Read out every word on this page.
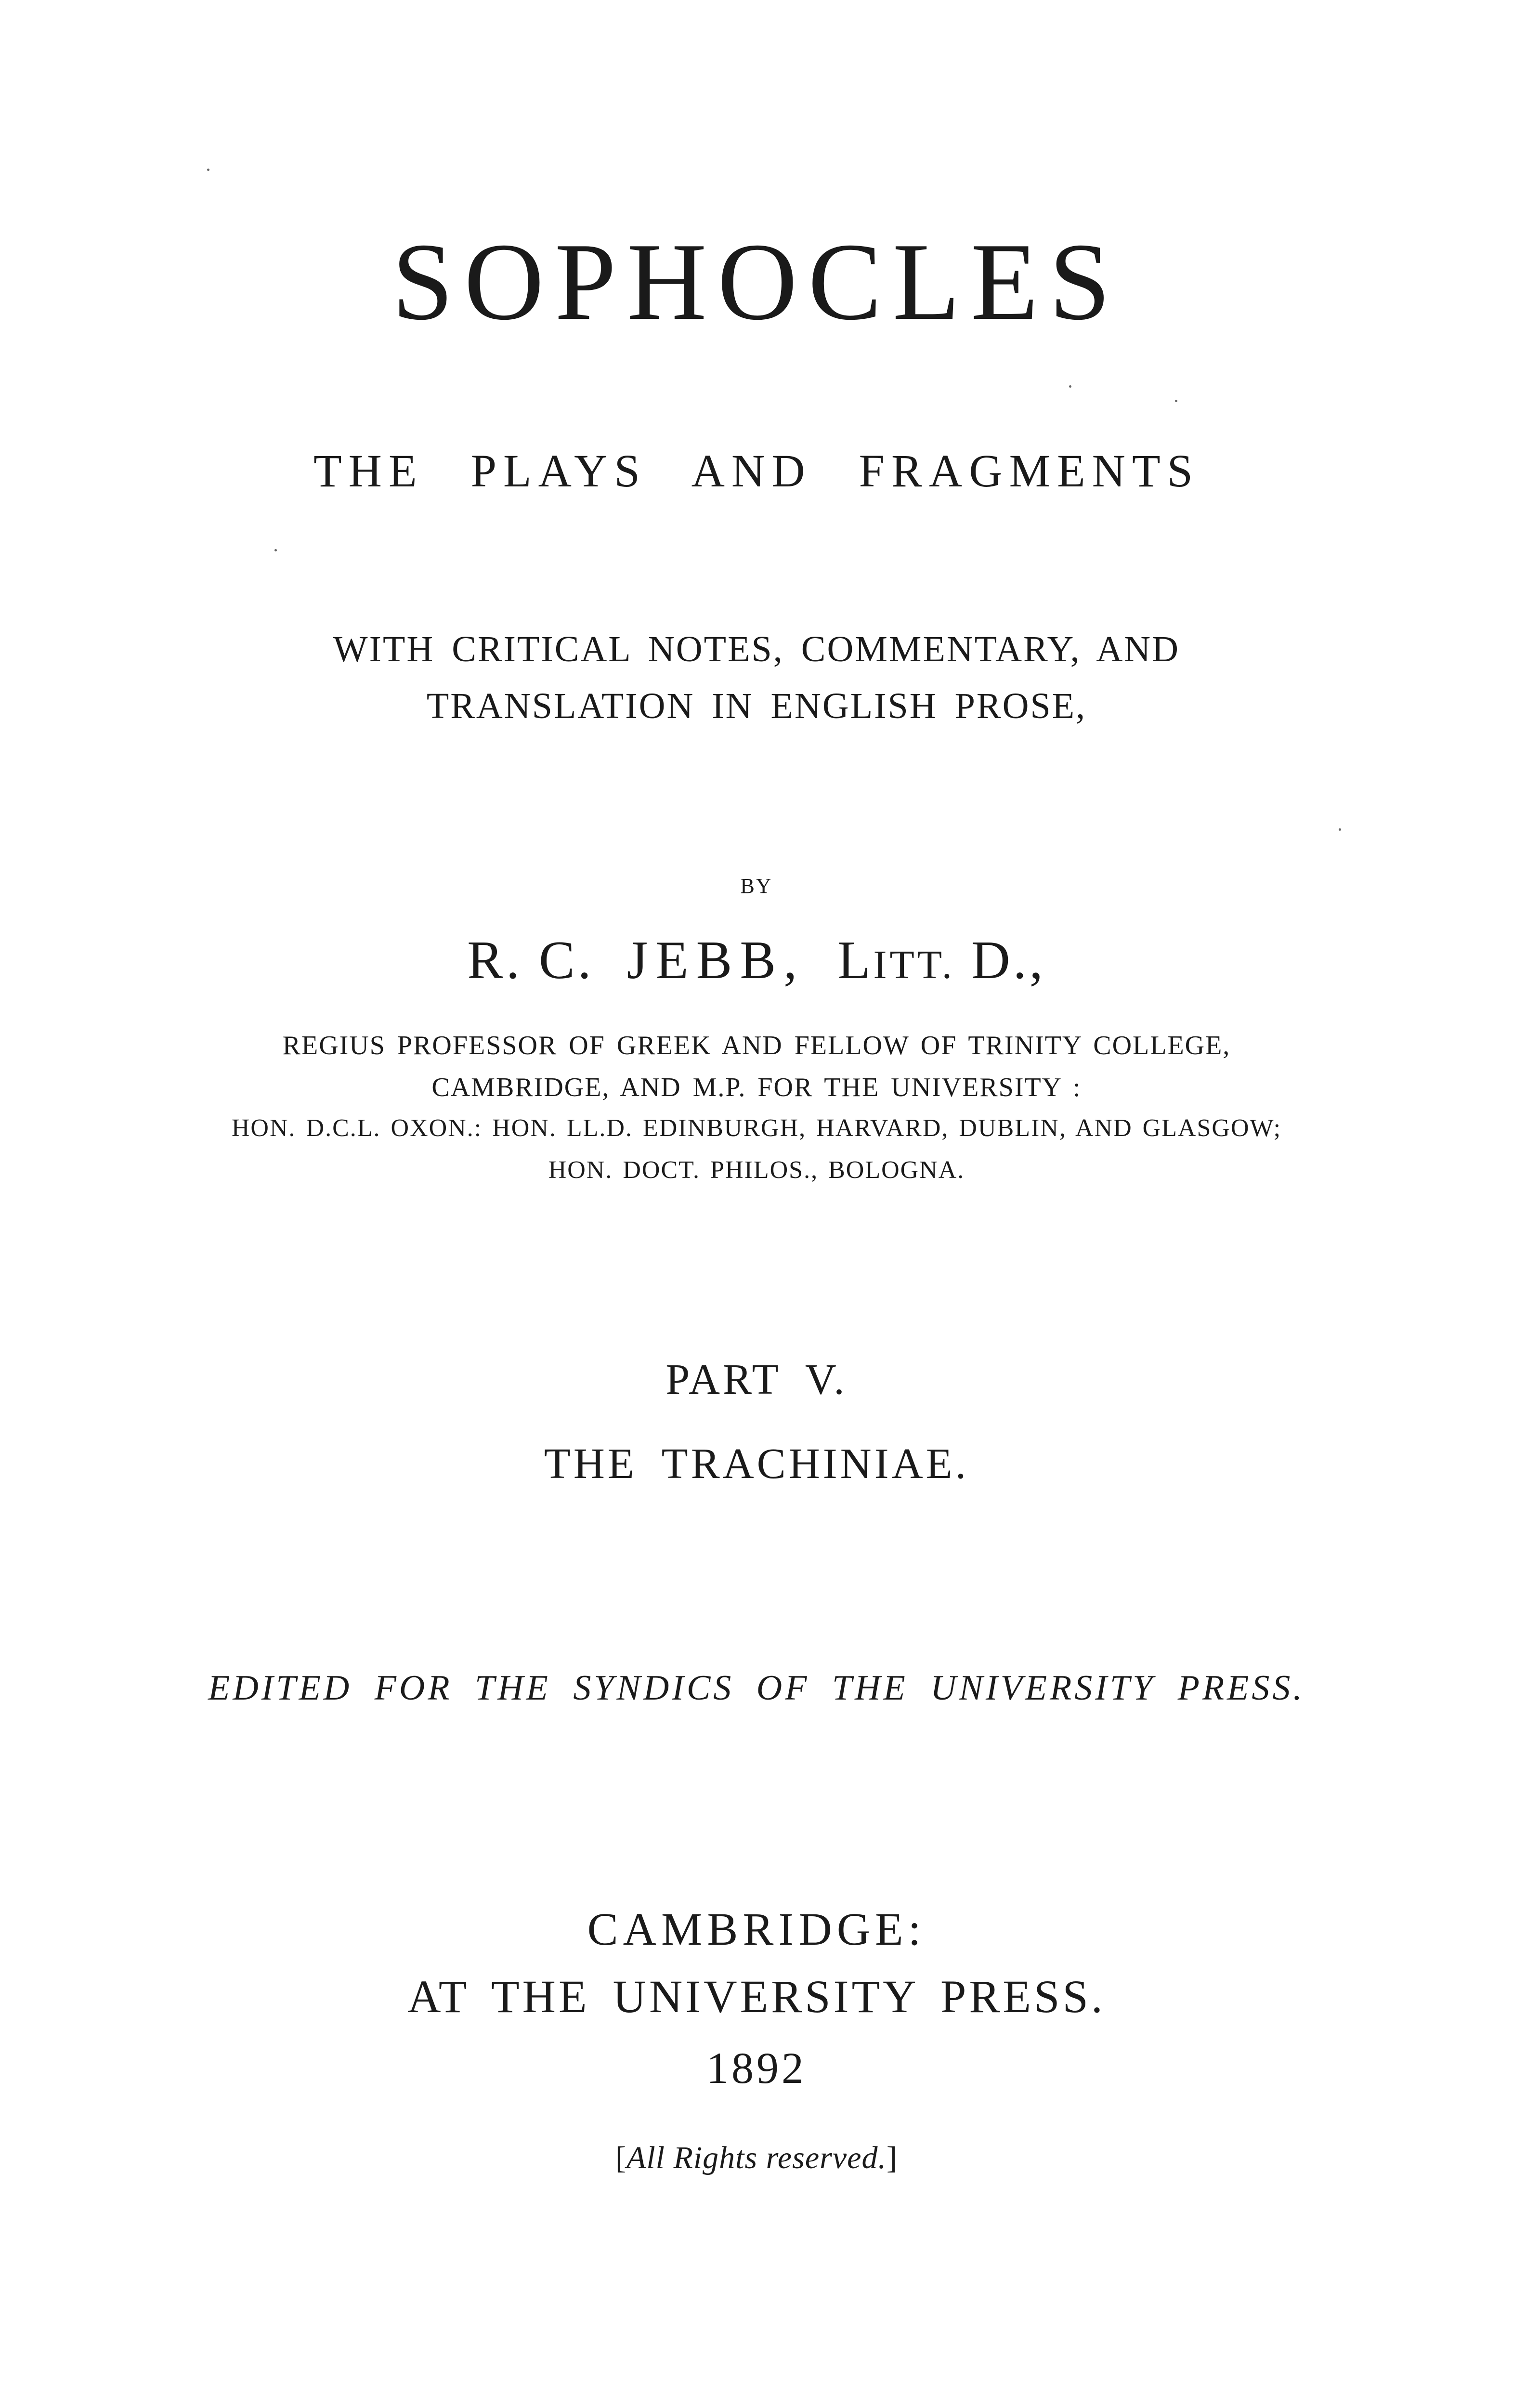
SOPHOCLES
THE PLAYS AND FRAGMENTS
WITH CRITICAL NOTES, COMMENTARY, AND
TRANSLATION IN ENGLISH PROSE,
BY
R. C. JEBB, LITT. D.,
REGIUS PROFESSOR OF GREEK AND FELLOW OF TRINITY COLLEGE,
CAMBRIDGE, AND M.P. FOR THE UNIVERSITY :
HON. D.C.L. OXON.: HON. LL.D. EDINBURGH, HARVARD, DUBLIN, AND GLASGOW;
HON. DOCT. PHILOS., BOLOGNA.
PART V.
THE TRACHINIAE.
EDITED FOR THE SYNDICS OF THE UNIVERSITY PRESS.
CAMBRIDGE:
AT THE UNIVERSITY PRESS.
1892
[All Rights reserved.]
